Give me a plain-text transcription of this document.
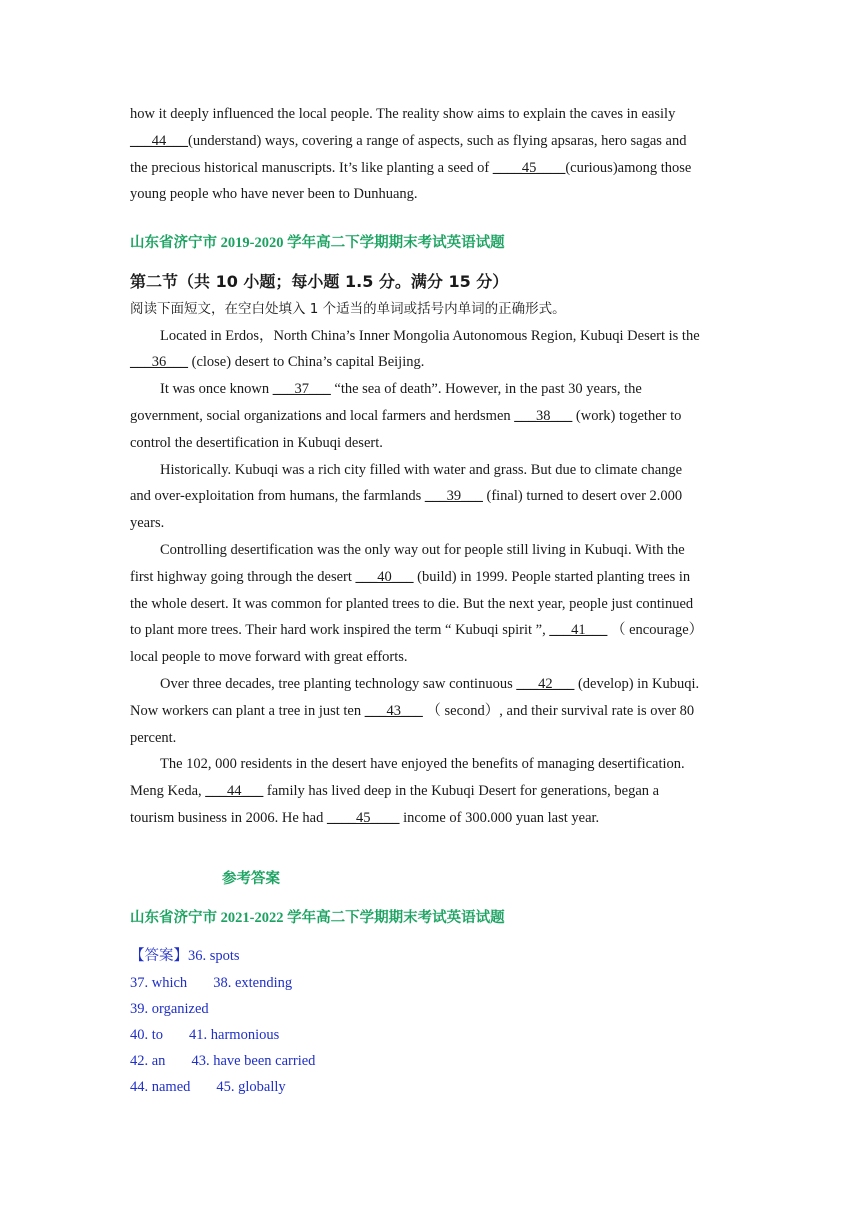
how it deeply influenced the local people. The reality show aims to explain the caves in easily
___44___(understand) ways, covering a range of aspects, such as flying apsaras, hero sagas and
the precious historical manuscripts. It’s like planting a seed of ____45____(curious)among those
young people who have never been to Dunhuang.
山东省济宁市 2019-2020 学年高二下学期期末考试英语试题
第二节（共 10 小题；每小题 1.5 分。满分 15 分）
阅读下面短文，在空白处填入 1 个适当的单词或括号内单词的正确形式。
Located in Erdos，North China’s Inner Mongolia Autonomous Region, Kubuqi Desert is the
___36___ (close) desert to China’s capital Beijing.
It was once known ___37___ “the sea of death”. However, in the past 30 years, the
government, social organizations and local farmers and herdsmen ___38___ (work) together to
control the desertification in Kubuqi desert.
Historically. Kubuqi was a rich city filled with water and grass. But due to climate change
and over-exploitation from humans, the farmlands ___39___ (final) turned to desert over 2.000
years.
Controlling desertification was the only way out for people still living in Kubuqi. With the
first highway going through the desert ___40___ (build) in 1999. People started planting trees in
the whole desert. It was common for planted trees to die. But the next year, people just continued
to plant more trees. Their hard work inspired the term “ Kubuqi spirit ”, ___41___ （ encourage）
local people to move forward with great efforts.
Over three decades, tree planting technology saw continuous ___42___ (develop) in Kubuqi.
Now workers can plant a tree in just ten ___43___ （ second）, and their survival rate is over 80
percent.
The 102, 000 residents in the desert have enjoyed the benefits of managing desertification.
Meng Keda, ___44___ family has lived deep in the Kubuqi Desert for generations, began a
tourism business in 2006. He had ____45____ income of 300.000 yuan last year.
参考答案
山东省济宁市 2021-2022 学年高二下学期期末考试英语试题
【答案】36. spots
37. which 38. extending
39. organized
40. to 41. harmonious
42. an 43. have been carried
44. named 45. globally
